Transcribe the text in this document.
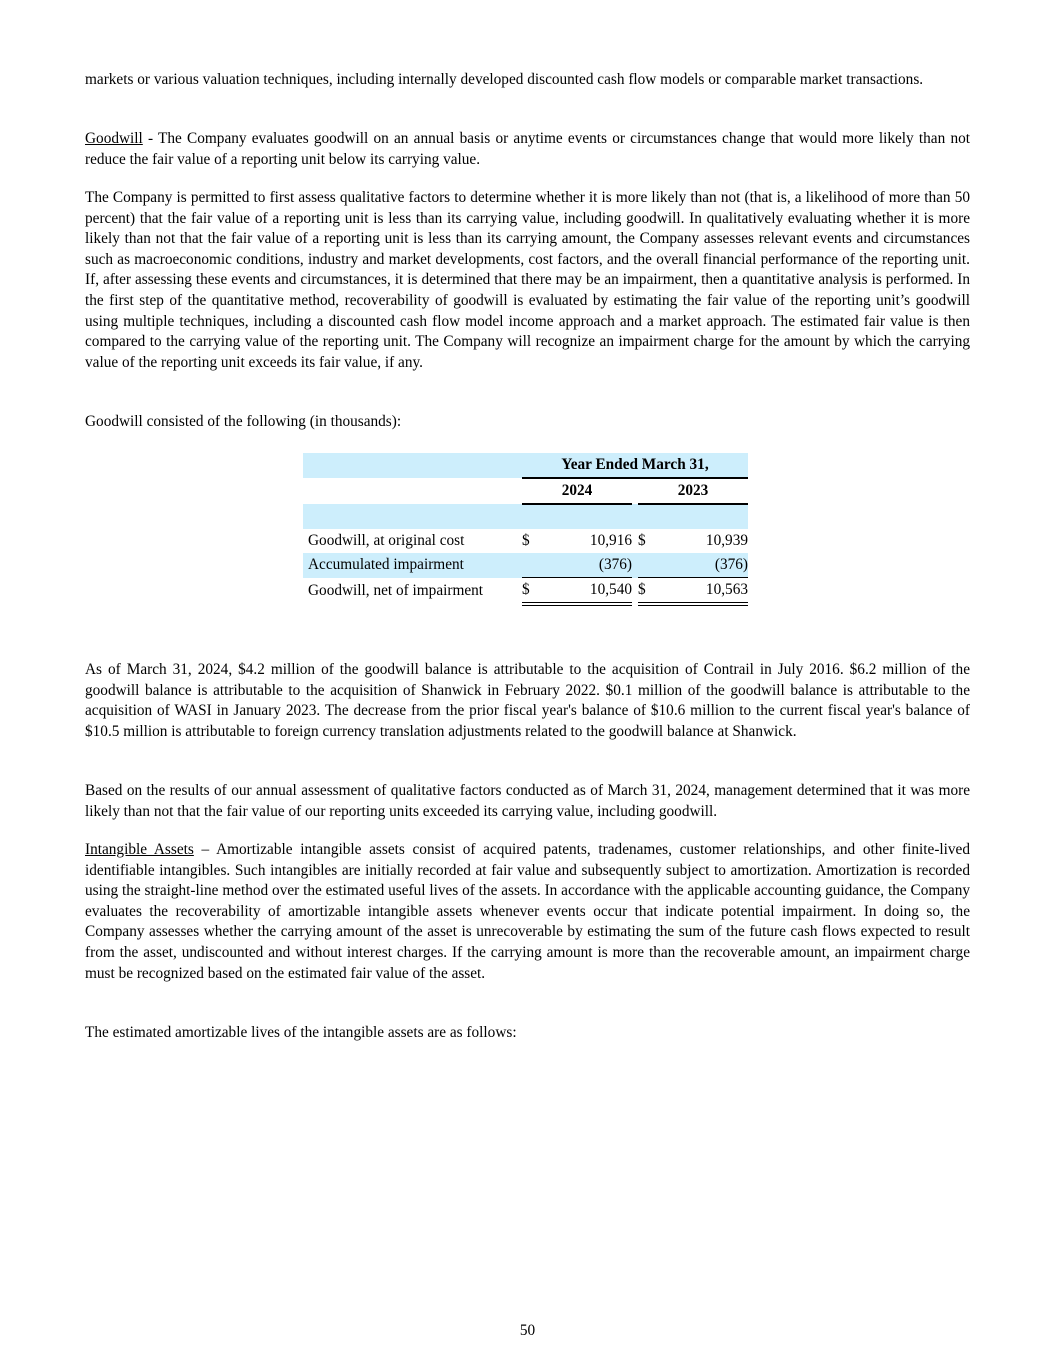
markets or various valuation techniques, including internally developed discounted cash flow models or comparable market transactions.

Goodwill - The Company evaluates goodwill on an annual basis or anytime events or circumstances change that would more likely than not reduce the fair value of a reporting unit below its carrying value.

The Company is permitted to first assess qualitative factors to determine whether it is more likely than not (that is, a likelihood of more than 50 percent) that the fair value of a reporting unit is less than its carrying value, including goodwill. In qualitatively evaluating whether it is more likely than not that the fair value of a reporting unit is less than its carrying amount, the Company assesses relevant events and circumstances such as macroeconomic conditions, industry and market developments, cost factors, and the overall financial performance of the reporting unit. If, after assessing these events and circumstances, it is determined that there may be an impairment, then a quantitative analysis is performed. In the first step of the quantitative method, recoverability of goodwill is evaluated by estimating the fair value of the reporting unit’s goodwill using multiple techniques, including a discounted cash flow model income approach and a market approach. The estimated fair value is then compared to the carrying value of the reporting unit. The Company will recognize an impairment charge for the amount by which the carrying value of the reporting unit exceeds its fair value, if any.

Goodwill consisted of the following (in thousands):

	Year Ended March 31,				
	2024			2023	

Goodwill, at original cost	$	10,916		$	10,939
Accumulated impairment		(376)			(376)
Goodwill, net of impairment	$	10,540		$	10,563

As of March 31, 2024, $4.2 million of the goodwill balance is attributable to the acquisition of Contrail in July 2016. $6.2 million of the goodwill balance is attributable to the acquisition of Shanwick in February 2022. $0.1 million of the goodwill balance is attributable to the acquisition of WASI in January 2023. The decrease from the prior fiscal year's balance of $10.6 million to the current fiscal year's balance of $10.5 million is attributable to foreign currency translation adjustments related to the goodwill balance at Shanwick.

Based on the results of our annual assessment of qualitative factors conducted as of March 31, 2024, management determined that it was more likely than not that the fair value of our reporting units exceeded its carrying value, including goodwill.

Intangible Assets – Amortizable intangible assets consist of acquired patents, tradenames, customer relationships, and other finite-lived identifiable intangibles. Such intangibles are initially recorded at fair value and subsequently subject to amortization. Amortization is recorded using the straight-line method over the estimated useful lives of the assets. In accordance with the applicable accounting guidance, the Company evaluates the recoverability of amortizable intangible assets whenever events occur that indicate potential impairment. In doing so, the Company assesses whether the carrying amount of the asset is unrecoverable by estimating the sum of the future cash flows expected to result from the asset, undiscounted and without interest charges. If the carrying amount is more than the recoverable amount, an impairment charge must be recognized based on the estimated fair value of the asset.

The estimated amortizable lives of the intangible assets are as follows:

50
